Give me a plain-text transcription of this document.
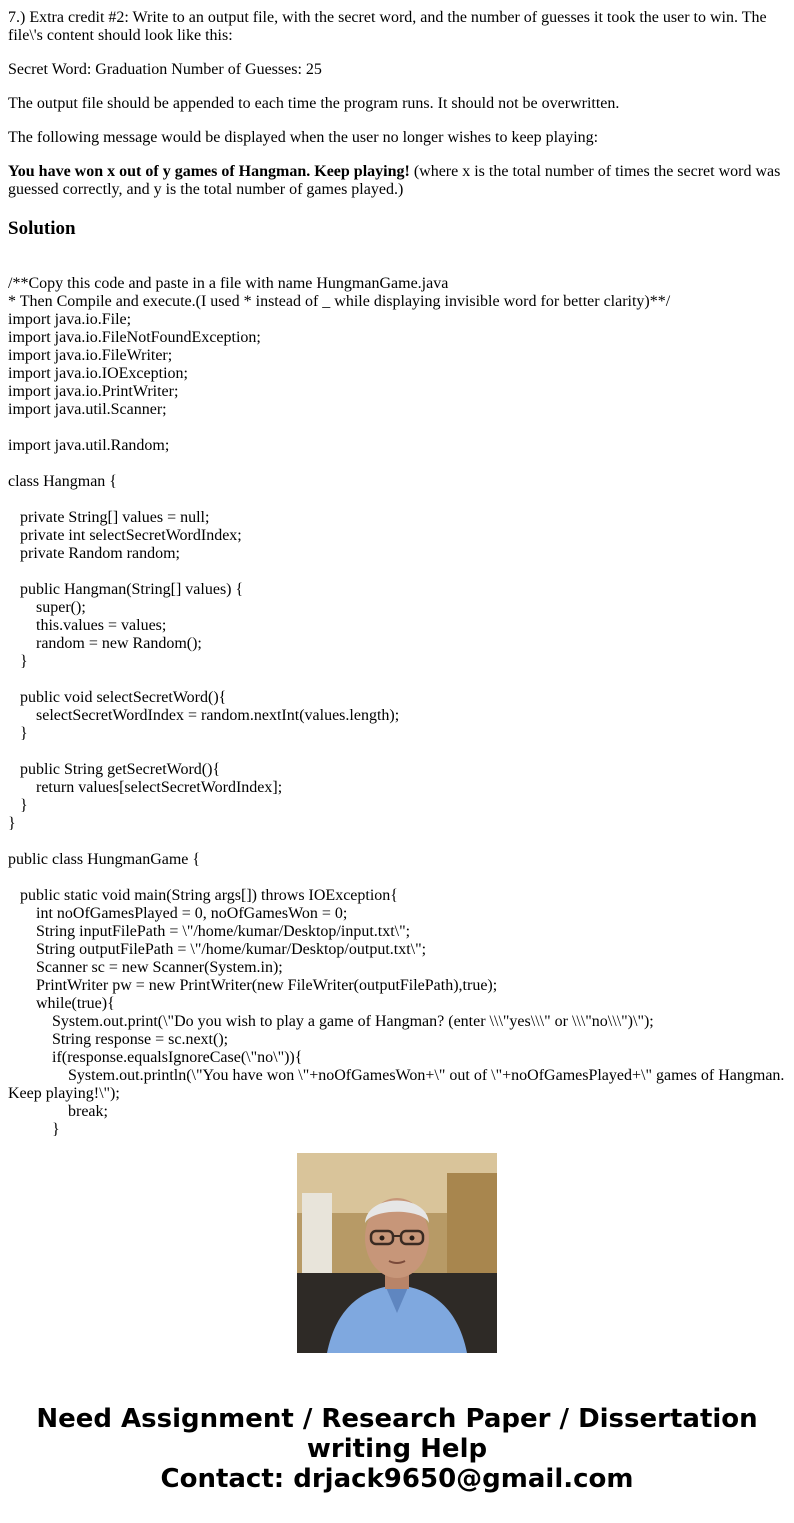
7.) Extra credit #2: Write to an output file, with the secret word, and the number of guesses it took the user to win. The file\'s content should look like this:

Secret Word: Graduation Number of Guesses: 25

The output file should be appended to each time the program runs. It should not be overwritten.

The following message would be displayed when the user no longer wishes to keep playing:

You have won x out of y games of Hangman. Keep playing! (where x is the total number of times the secret word was guessed correctly, and y is the total number of games played.)

Solution
/**Copy this code and paste in a file with name HungmanGame.java
* Then Compile and execute.(I used * instead of _ while displaying invisible word for better clarity)**/
import java.io.File;
import java.io.FileNotFoundException;
import java.io.FileWriter;
import java.io.IOException;
import java.io.PrintWriter;
import java.util.Scanner;
import java.util.Random;
class Hangman {
private String[] values = null;
private int selectSecretWordIndex;
private Random random;
public Hangman(String[] values) {
super();
this.values = values;
random = new Random();
}
public void selectSecretWord(){
selectSecretWordIndex = random.nextInt(values.length);
}
public String getSecretWord(){
return values[selectSecretWordIndex];
}
}
public class HungmanGame {
public static void main(String args[]) throws IOException{
int noOfGamesPlayed = 0, noOfGamesWon = 0;
String inputFilePath = \"/home/kumar/Desktop/input.txt\";
String outputFilePath = \"/home/kumar/Desktop/output.txt\";
Scanner sc = new Scanner(System.in);
PrintWriter pw = new PrintWriter(new FileWriter(outputFilePath),true);
while(true){
System.out.print(\"Do you wish to play a game of Hangman? (enter \\\"yes\\\" or \\\"no\\\")\");
String response = sc.next();
if(response.equalsIgnoreCase(\"no\")){
System.out.println(\"You have won \"+noOfGamesWon+\" out of \"+noOfGamesPlayed+\" games of Hangman. Keep playing!\");
break;
}
Need Assignment / Research Paper / Dissertation
writing Help
Contact: drjack9650@gmail.com
